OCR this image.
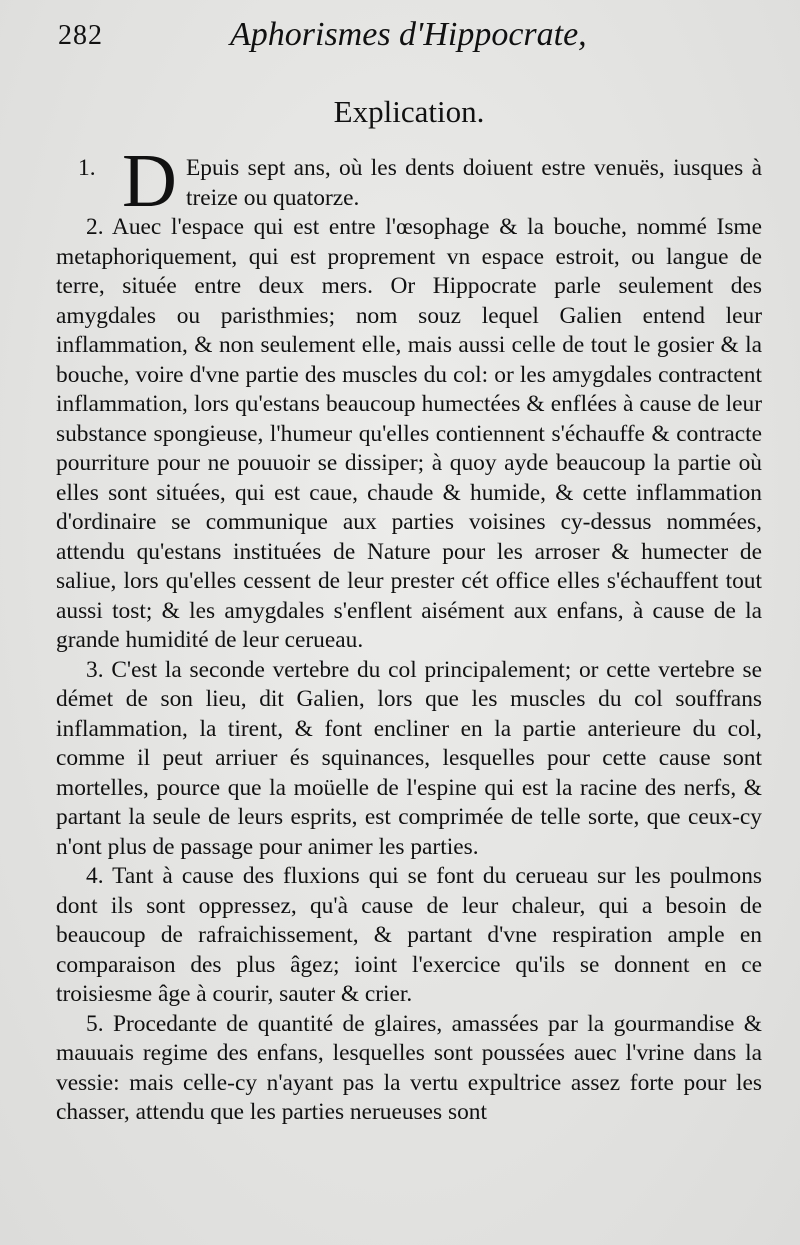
282	Aphorismes d'Hippocrate,
Explication.

1. D Epuis sept ans, où les dents doiuent estre venuës, iusques à treize ou quatorze.

2. Auec l'espace qui est entre l'œsophage & la bouche, nommé Isme metaphoriquement, qui est proprement vn espace estroit, ou langue de terre, située entre deux mers. Or Hippocrate parle seulement des amygdales ou paristhmies; nom souz lequel Galien entend leur inflammation, & non seulement elle, mais aussi celle de tout le gosier & la bouche, voire d'vne partie des muscles du col: or les amygdales contractent inflammation, lors qu'estans beaucoup humectées & enflées à cause de leur substance spongieuse, l'humeur qu'elles contiennent s'échauffe & contracte pourriture pour ne pouuoir se dissiper; à quoy ayde beaucoup la partie où elles sont situées, qui est caue, chaude & humide, & cette inflammation d'ordinaire se communique aux parties voisines cy-dessus nommées, attendu qu'estans instituées de Nature pour les arroser & humecter de saliue, lors qu'elles cessent de leur prester cét office elles s'échauffent tout aussi tost; & les amygdales s'enflent aisément aux enfans, à cause de la grande humidité de leur cerueau.

3. C'est la seconde vertebre du col principalement; or cette vertebre se démet de son lieu, dit Galien, lors que les muscles du col souffrans inflammation, la tirent, & font encliner en la partie anterieure du col, comme il peut arriuer és squinances, lesquelles pour cette cause sont mortelles, pource que la moüelle de l'espine qui est la racine des nerfs, & partant la seule de leurs esprits, est comprimée de telle sorte, que ceux-cy n'ont plus de passage pour animer les parties.

4. Tant à cause des fluxions qui se font du cerueau sur les poulmons dont ils sont oppressez, qu'à cause de leur chaleur, qui a besoin de beaucoup de rafraichissement, & partant d'vne respiration ample en comparaison des plus âgez; ioint l'exercice qu'ils se donnent en ce troisiesme âge à courir, sauter & crier.

5. Procedante de quantité de glaires, amassées par la gourmandise & mauuais regime des enfans, lesquelles sont poussées auec l'vrine dans la vessie: mais celle-cy n'ayant pas la vertu expultrice assez forte pour les chasser, attendu que les parties nerueuses sont
